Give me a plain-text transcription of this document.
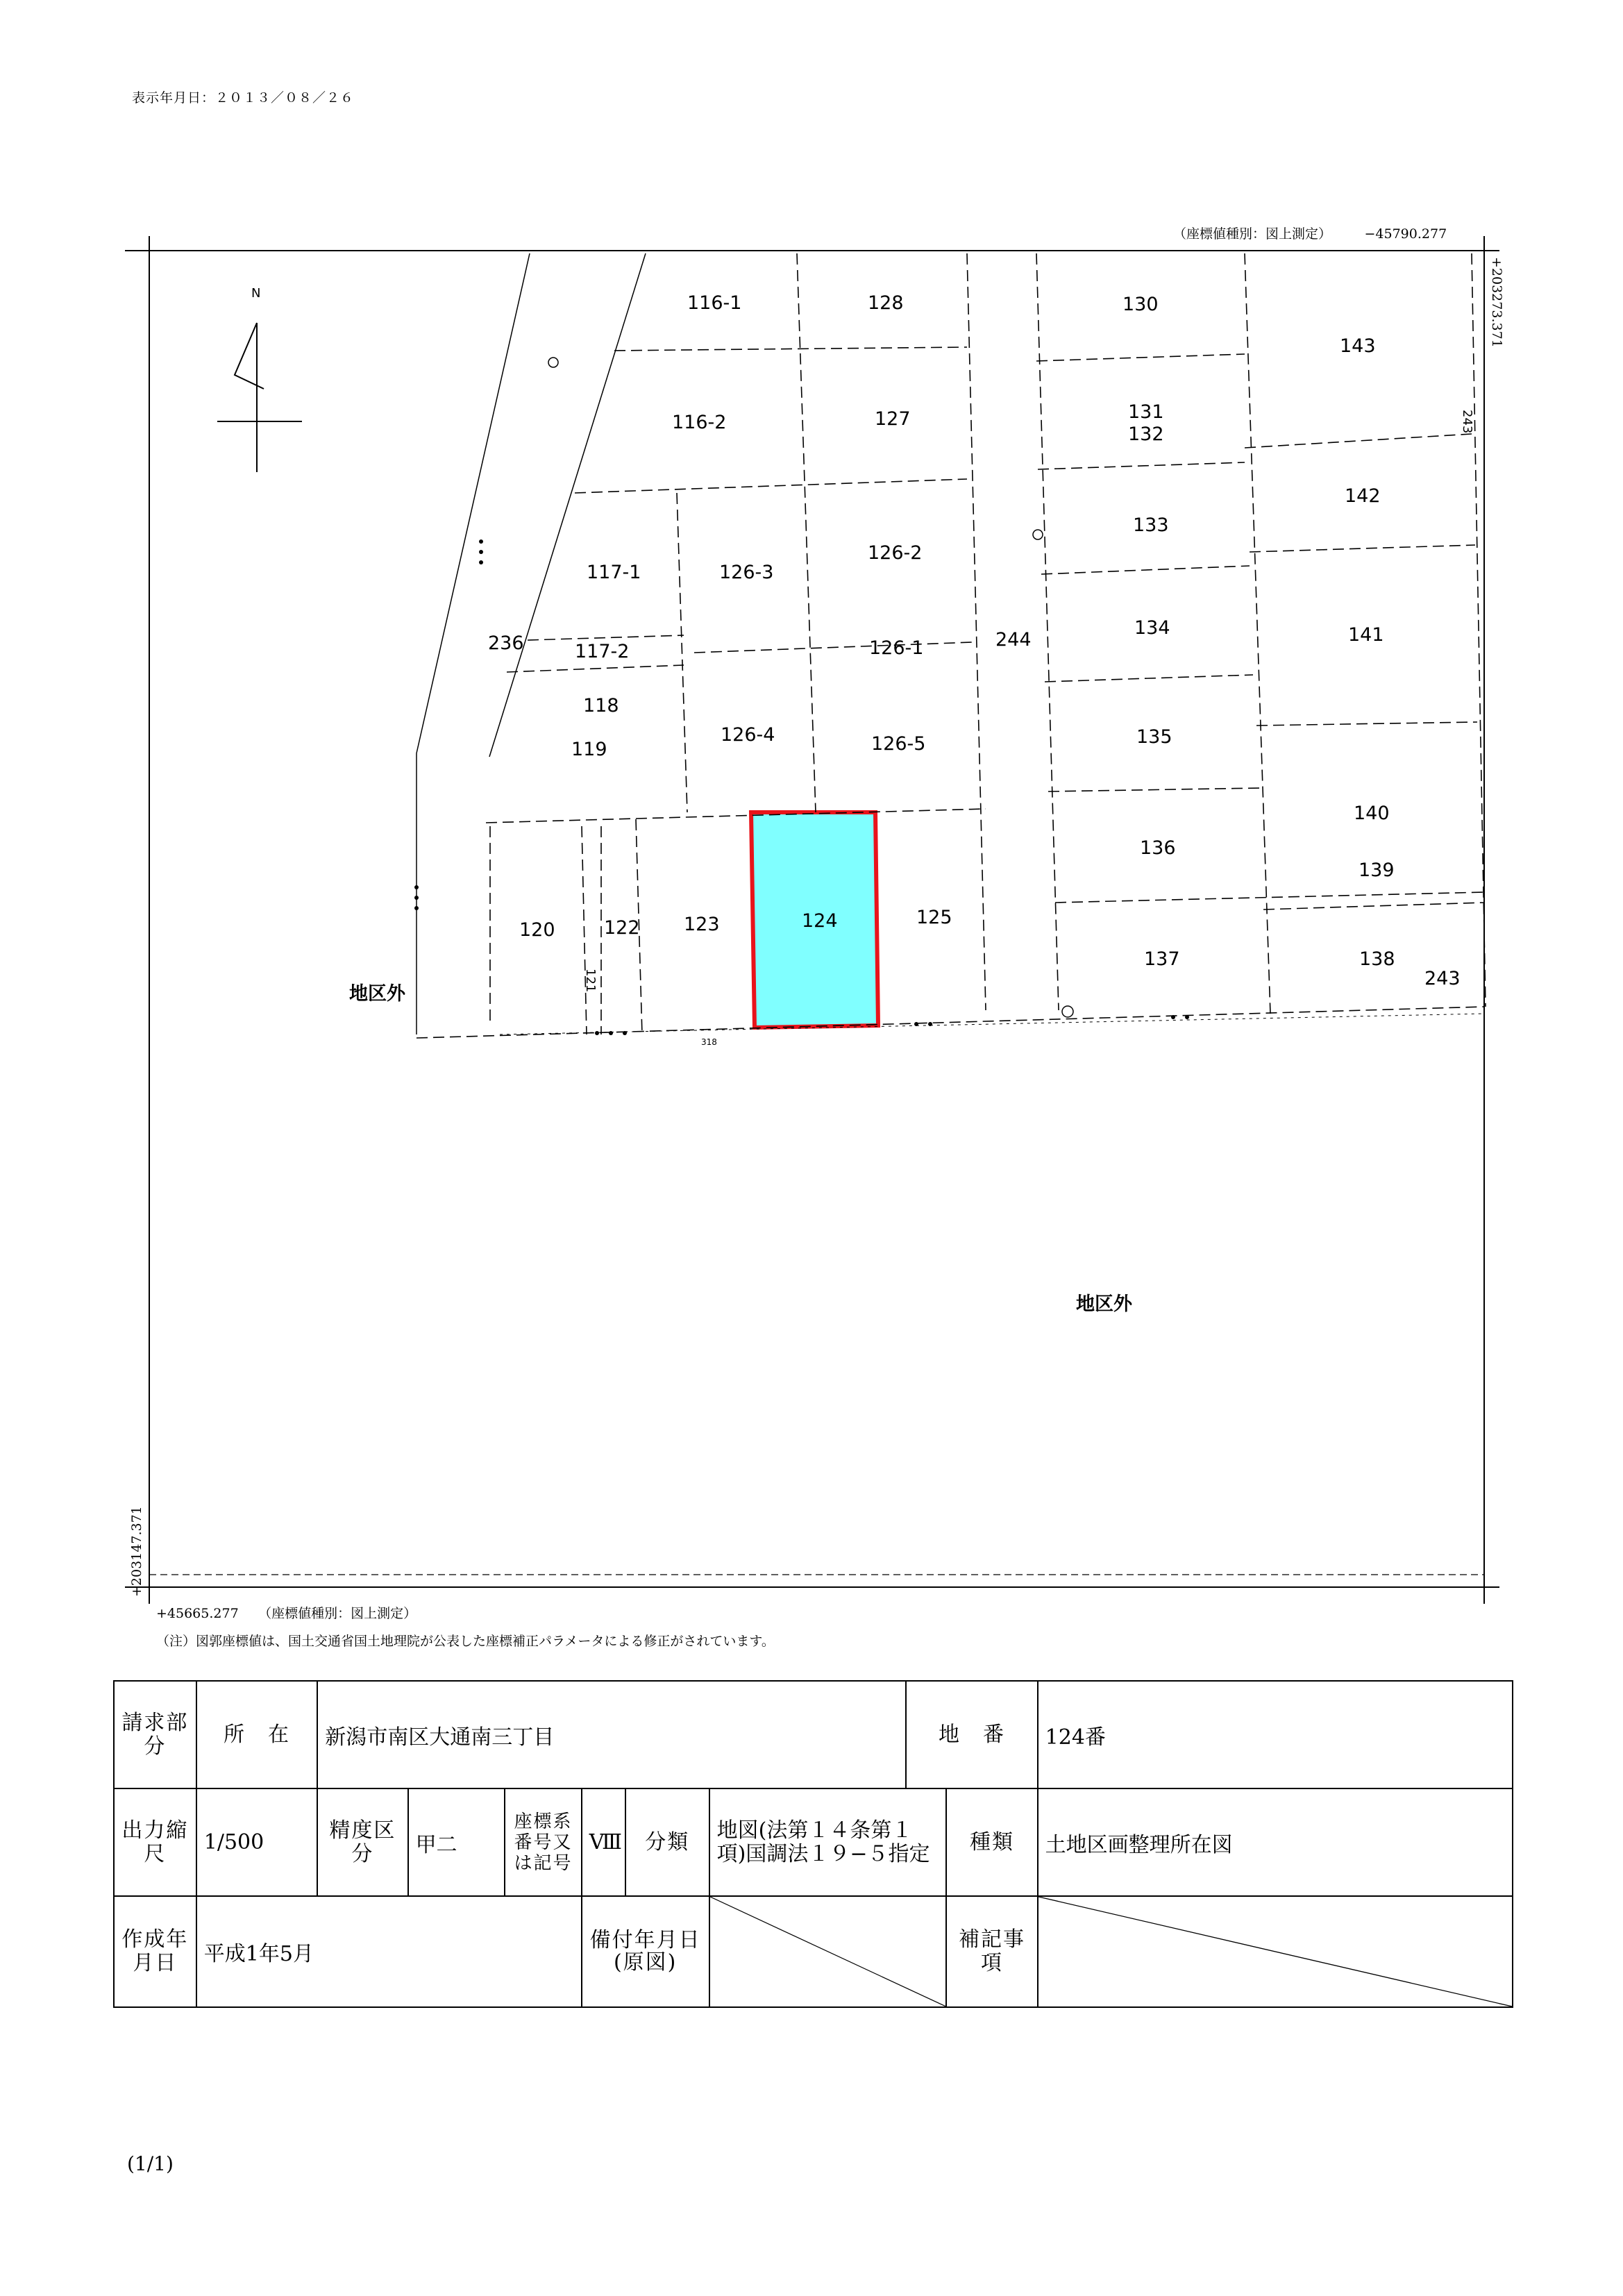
表示年月日：２０１３／０８／２６
（座標値種別：図上測定）　　　−45790.277
+203273.371
+203147.371
+45665.277　　（座標値種別：図上測定）
（注）図郭座標値は、国土交通省国土地理院が公表した座標補正パラメータによる修正がされています。
N	116-1	128	130
143
116-2	127	131
132
243
142
133
117-1	126-3
126-2
236	117-2	126-1	244
134	141
118
119
126-4	126-5	135
140
136
139
120	122 123	124	125
137	138
243
121
318
地区外
地区外
請求部分	所　在	新潟市南区大通南三丁目						地　番		124番
出力縮尺	1/500	精度区分	甲二	座標系番号又は記号	Ⅷ	分類	地図(法第１４条第１項)国調法１９−５指定		種類	土地区画整理所在図
作成年月日	平成1年5月				備付年月日(原図)				補記事項	
(1/1)
